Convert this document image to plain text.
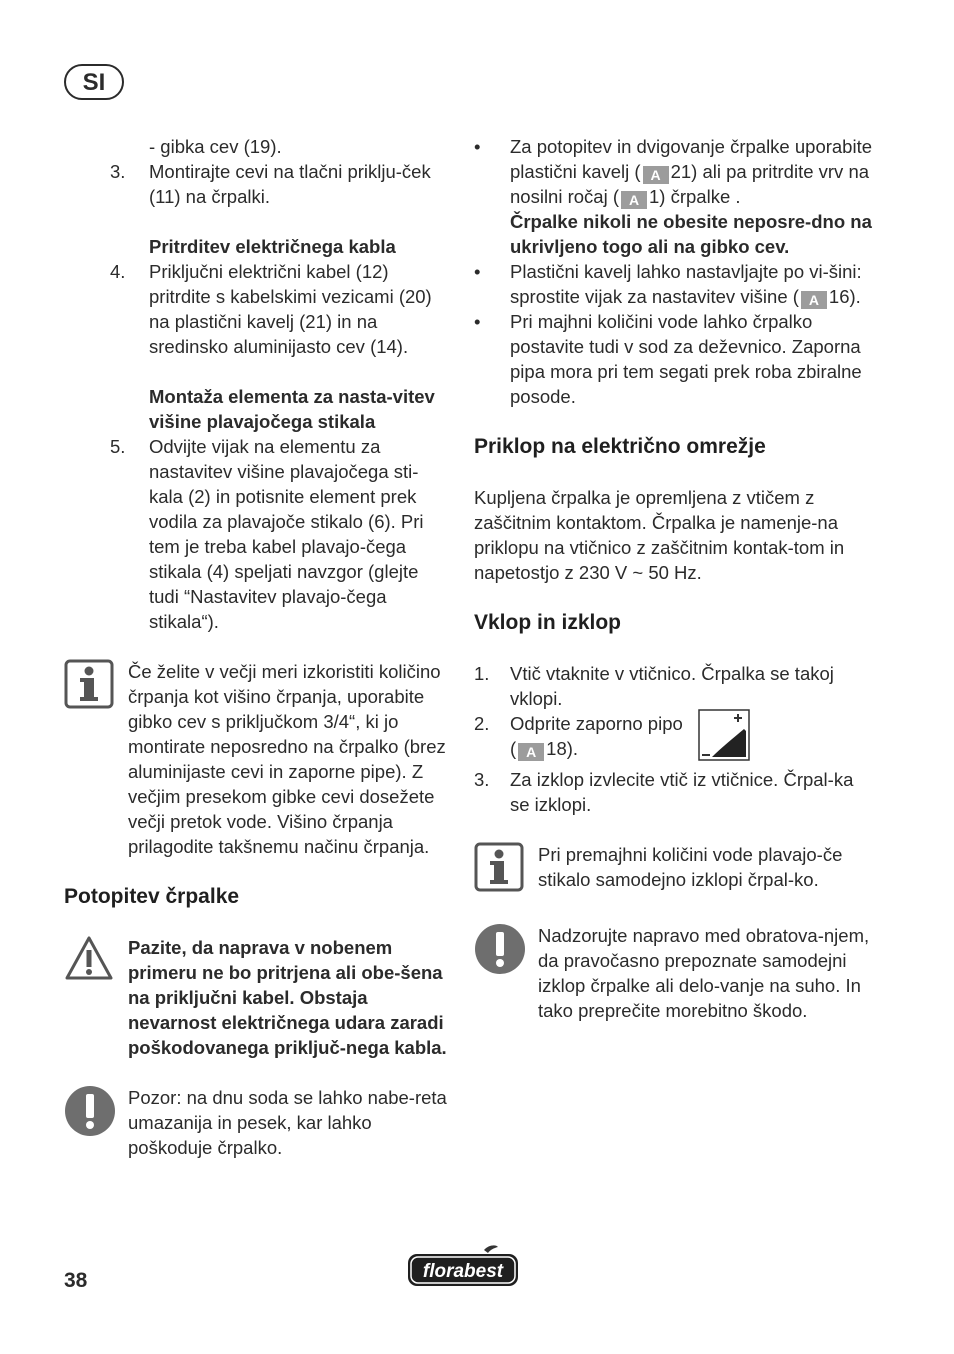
SI
- gibka cev (19).
3.	Montirajte cevi na tlačni priklju-ček (11) na črpalki.
Pritrditev električnega kabla
4.	Priključni električni kabel (12) pritrdite s kabelskimi vezicami (20) na plastični kavelj (21) in na sredinsko aluminijasto cev (14).
Montaža elementa za nasta-vitev višine plavajočega stikala
5.	Odvijte vijak na elementu za nastavitev višine plavajočega sti-kala (2) in potisnite element prek vodila za plavajoče stikalo (6). Pri tem je treba kabel plavajo-čega stikala (4) speljati navzgor (glejte tudi “Nastavitev plavajo-čega stikala“).
Če želite v večji meri izkoristiti količino črpanja kot višino črpanja, uporabite gibko cev s priključkom 3/4“, ki jo montirate neposredno na črpalko (brez aluminijaste cevi in zaporne pipe). Z večjim presekom gibke cevi dosežete večji pretok vode. Višino črpanja prilagodite takšnemu načinu črpanja.
Potopitev črpalke
Pazite, da naprava v nobenem primeru ne bo pritrjena ali obe-šena na priključni kabel. Obstaja nevarnost električnega udara zaradi poškodovanega priključ-nega kabla.
Pozor: na dnu soda se lahko nabe-reta umazanija in pesek, kar lahko poškoduje črpalko.
•	Za potopitev in dvigovanje črpalke uporabite plastični kavelj ( A 21) ali pa pritrdite vrv na nosilni ročaj ( A 1) črpalke .
Črpalke nikoli ne obesite neposre-dno na ukrivljeno togo ali na gibko cev.
•	Plastični kavelj lahko nastavljajte po vi-šini: sprostite vijak za nastavitev višine ( A 16).
•	Pri majhni količini vode lahko črpalko postavite tudi v sod za deževnico. Zaporna pipa mora pri tem segati prek roba zbiralne posode.
Priklop na električno omrežje
Kupljena črpalka je opremljena z vtičem z zaščitnim kontaktom. Črpalka je namenje-na priklopu na vtičnico z zaščitnim kontak-tom in napetostjo z 230 V ~ 50 Hz.
Vklop in izklop
1.	Vtič vtaknite v vtičnico. Črpalka se takoj vklopi.
2.	Odprite zaporno pipo
( A 18).
3.	Za izklop izvlecite vtič iz vtičnice. Črpal-ka se izklopi.
Pri premajhni količini vode plavajo-če stikalo samodejno izklopi črpal-ko.
Nadzorujte napravo med obratova-njem, da pravočasno prepoznate samodejni izklop črpalke ali delo-vanje na suho. In tako preprečite morebitno škodo.
38	florabest
